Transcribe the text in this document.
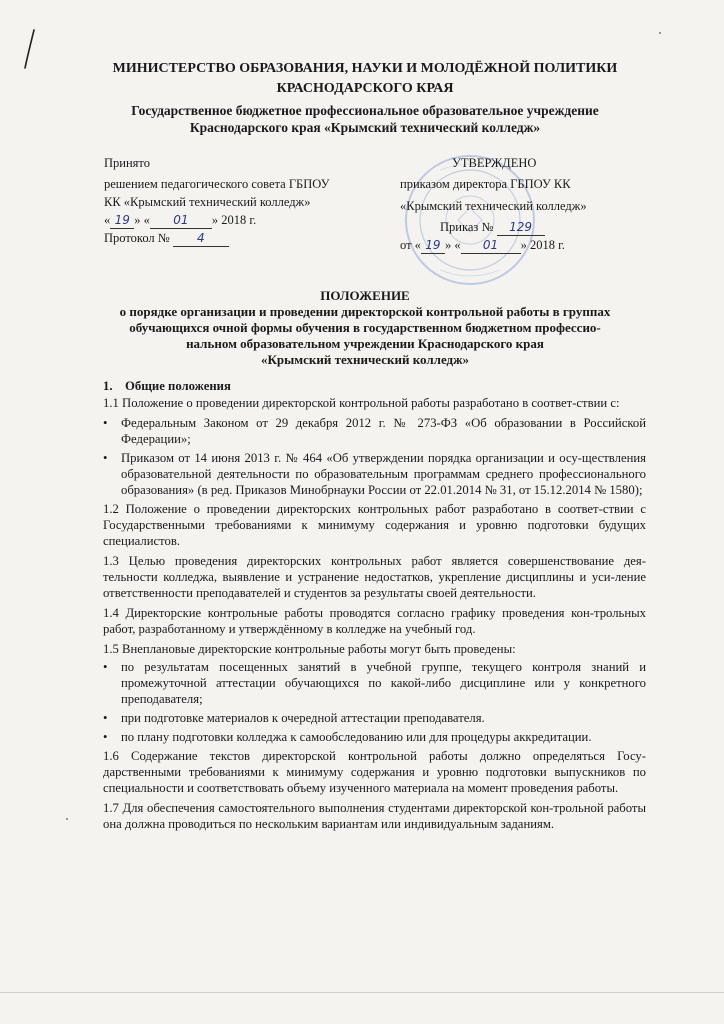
МИНИСТЕРСТВО ОБРАЗОВАНИЯ, НАУКИ И МОЛОДЁЖНОЙ ПОЛИТИКИ
КРАСНОДАРСКОГО КРАЯ
Государственное бюджетное профессиональное образовательное учреждение
Краснодарского края «Крымский технический колледж»
Принято
решением педагогического совета ГБПОУ
КК «Крымский технический колледж»
« 19 » « 01 » 2018 г.
Протокол № 4
УТВЕРЖДЕНО
приказом директора ГБПОУ КК
«Крымский технический колледж»
Приказ № 129
от « 19 » « 01 » 2018 г.
ПОЛОЖЕНИЕ
о порядке организации и проведении директорской контрольной работы в группах
обучающихся очной формы обучения в государственном бюджетном профессио-
нальном образовательном учреждении Краснодарского края
«Крымский технический колледж»
1. Общие положения
1.1 Положение о проведении директорской контрольной работы разработано в соответ-ствии с:
•	Федеральным Законом от 29 декабря 2012 г. № 273-ФЗ «Об образовании в Российской Федерации»;
•	Приказом от 14 июня 2013 г. № 464 «Об утверждении порядка организации и осу-ществления образовательной деятельности по образовательным программам среднего профессионального образования» (в ред. Приказов Минобрнауки России от 22.01.2014 № 31, от 15.12.2014 № 1580);
1.2 Положение о проведении директорских контрольных работ разработано в соответ-ствии с Государственными требованиями к минимуму содержания и уровню подготовки будущих специалистов.
1.3 Целью проведения директорских контрольных работ является совершенствование дея-тельности колледжа, выявление и устранение недостатков, укрепление дисциплины и уси-ление ответственности преподавателей и студентов за результаты своей деятельности.
1.4 Директорские контрольные работы проводятся согласно графику проведения кон-трольных работ, разработанному и утверждённому в колледже на учебный год.
1.5 Внеплановые директорские контрольные работы могут быть проведены:
•	по результатам посещенных занятий в учебной группе, текущего контроля знаний и промежуточной аттестации обучающихся по какой-либо дисциплине или у конкретного преподавателя;
•	при подготовке материалов к очередной аттестации преподавателя.
•	по плану подготовки колледжа к самообследованию или для процедуры аккредитации.
1.6 Содержание текстов директорской контрольной работы должно определяться Госу-дарственными требованиями к минимуму содержания и уровню подготовки выпускников по специальности и соответствовать объему изученного материала на момент проведения работы.
1.7 Для обеспечения самостоятельного выполнения студентами директорской кон-трольной работы она должна проводиться по нескольким вариантам или индивидуальным заданиям.
